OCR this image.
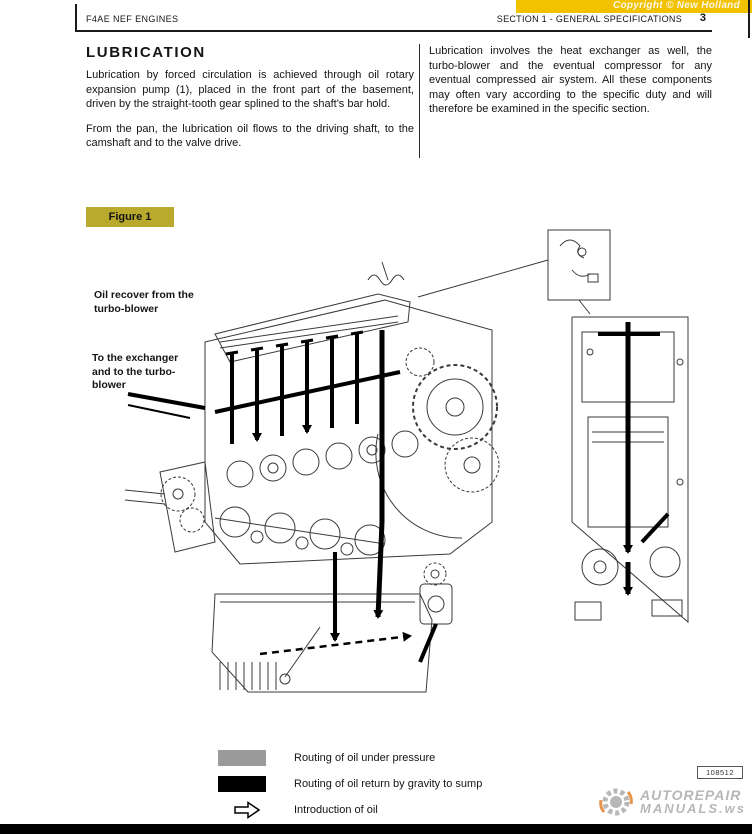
Copyright © New Holland
F4AE NEF ENGINES	SECTION 1 - GENERAL SPECIFICATIONS 3
LUBRICATION

Lubrication by forced circulation is achieved through oil rotary expansion pump (1), placed in the front part of the basement, driven by the straight-tooth gear splined to the shaft's bar hold.

From the pan, the lubrication oil flows to the driving shaft, to the camshaft and to the valve drive.

Lubrication involves the heat exchanger as well, the turbo-blower and the eventual compressor for any eventual compressed air system. All these components may often vary according to the specific duty and will therefore be examined in the specific section.

Figure 1
Oil recover from the turbo-blower
To the exchanger and to the turbo-blower
Routing of oil under pressure
Routing of oil return by gravity to sump
Introduction of oil
108512
AUTOREPAIR
MANUALS.ws
